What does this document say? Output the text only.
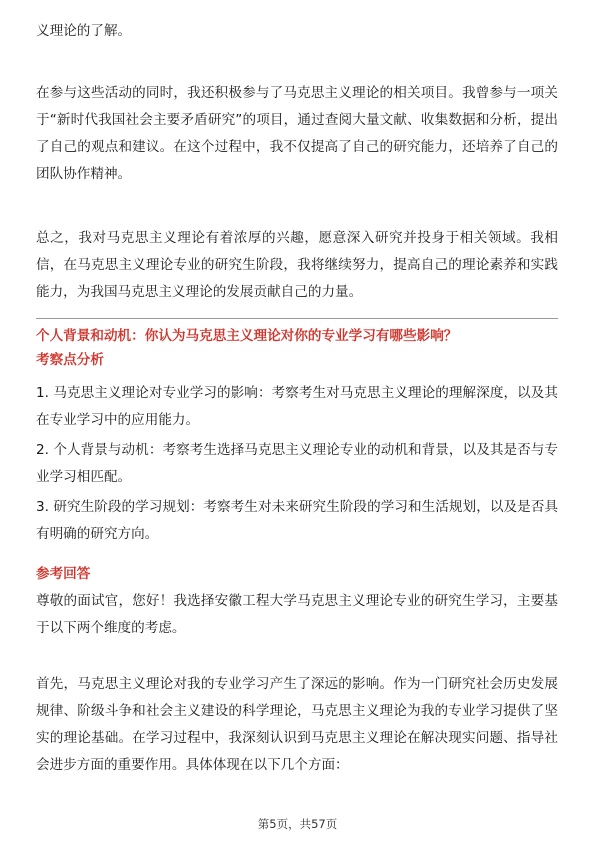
义理论的了解。

在参与这些活动的同时，我还积极参与了马克思主义理论的相关项目。我曾参与一项关于“新时代我国社会主要矛盾研究”的项目，通过查阅大量文献、收集数据和分析，提出了自己的观点和建议。在这个过程中，我不仅提高了自己的研究能力，还培养了自己的团队协作精神。

总之，我对马克思主义理论有着浓厚的兴趣，愿意深入研究并投身于相关领域。我相信，在马克思主义理论专业的研究生阶段，我将继续努力，提高自己的理论素养和实践能力，为我国马克思主义理论的发展贡献自己的力量。

个人背景和动机：你认为马克思主义理论对你的专业学习有哪些影响？

考察点分析

1. 马克思主义理论对专业学习的影响：考察考生对马克思主义理论的理解深度，以及其在专业学习中的应用能力。

2. 个人背景与动机：考察考生选择马克思主义理论专业的动机和背景，以及其是否与专业学习相匹配。

3. 研究生阶段的学习规划：考察考生对未来研究生阶段的学习和生活规划，以及是否具有明确的研究方向。

参考回答

尊敬的面试官，您好！我选择安徽工程大学马克思主义理论专业的研究生学习，主要基于以下两个维度的考虑。

首先，马克思主义理论对我的专业学习产生了深远的影响。作为一门研究社会历史发展规律、阶级斗争和社会主义建设的科学理论，马克思主义理论为我的专业学习提供了坚实的理论基础。在学习过程中，我深刻认识到马克思主义理论在解决现实问题、指导社会进步方面的重要作用。具体体现在以下几个方面：

第5页，共57页
